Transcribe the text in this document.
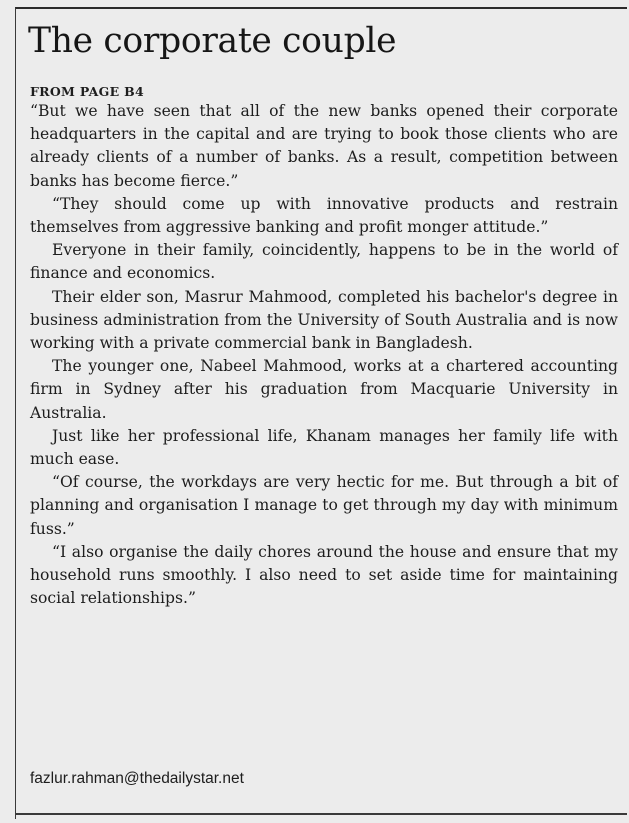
The corporate couple
FROM PAGE B4

“But we have seen that all of the new banks opened their corporate headquarters in the capital and are trying to book those clients who are already clients of a number of banks. As a result, competition between banks has become fierce.”

“They should come up with innovative products and restrain themselves from aggressive banking and profit monger attitude.”

Everyone in their family, coincidently, happens to be in the world of finance and economics.

Their elder son, Masrur Mahmood, completed his bachelor's degree in business administration from the University of South Australia and is now working with a private commercial bank in Bangladesh.

The younger one, Nabeel Mahmood, works at a chartered accounting firm in Sydney after his graduation from Macquarie University in Australia.

Just like her professional life, Khanam manages her family life with much ease.

“Of course, the workdays are very hectic for me. But through a bit of planning and organisation I manage to get through my day with minimum fuss.”

“I also organise the daily chores around the house and ensure that my household runs smoothly. I also need to set aside time for maintaining social relationships.”

fazlur.rahman@thedailystar.net
